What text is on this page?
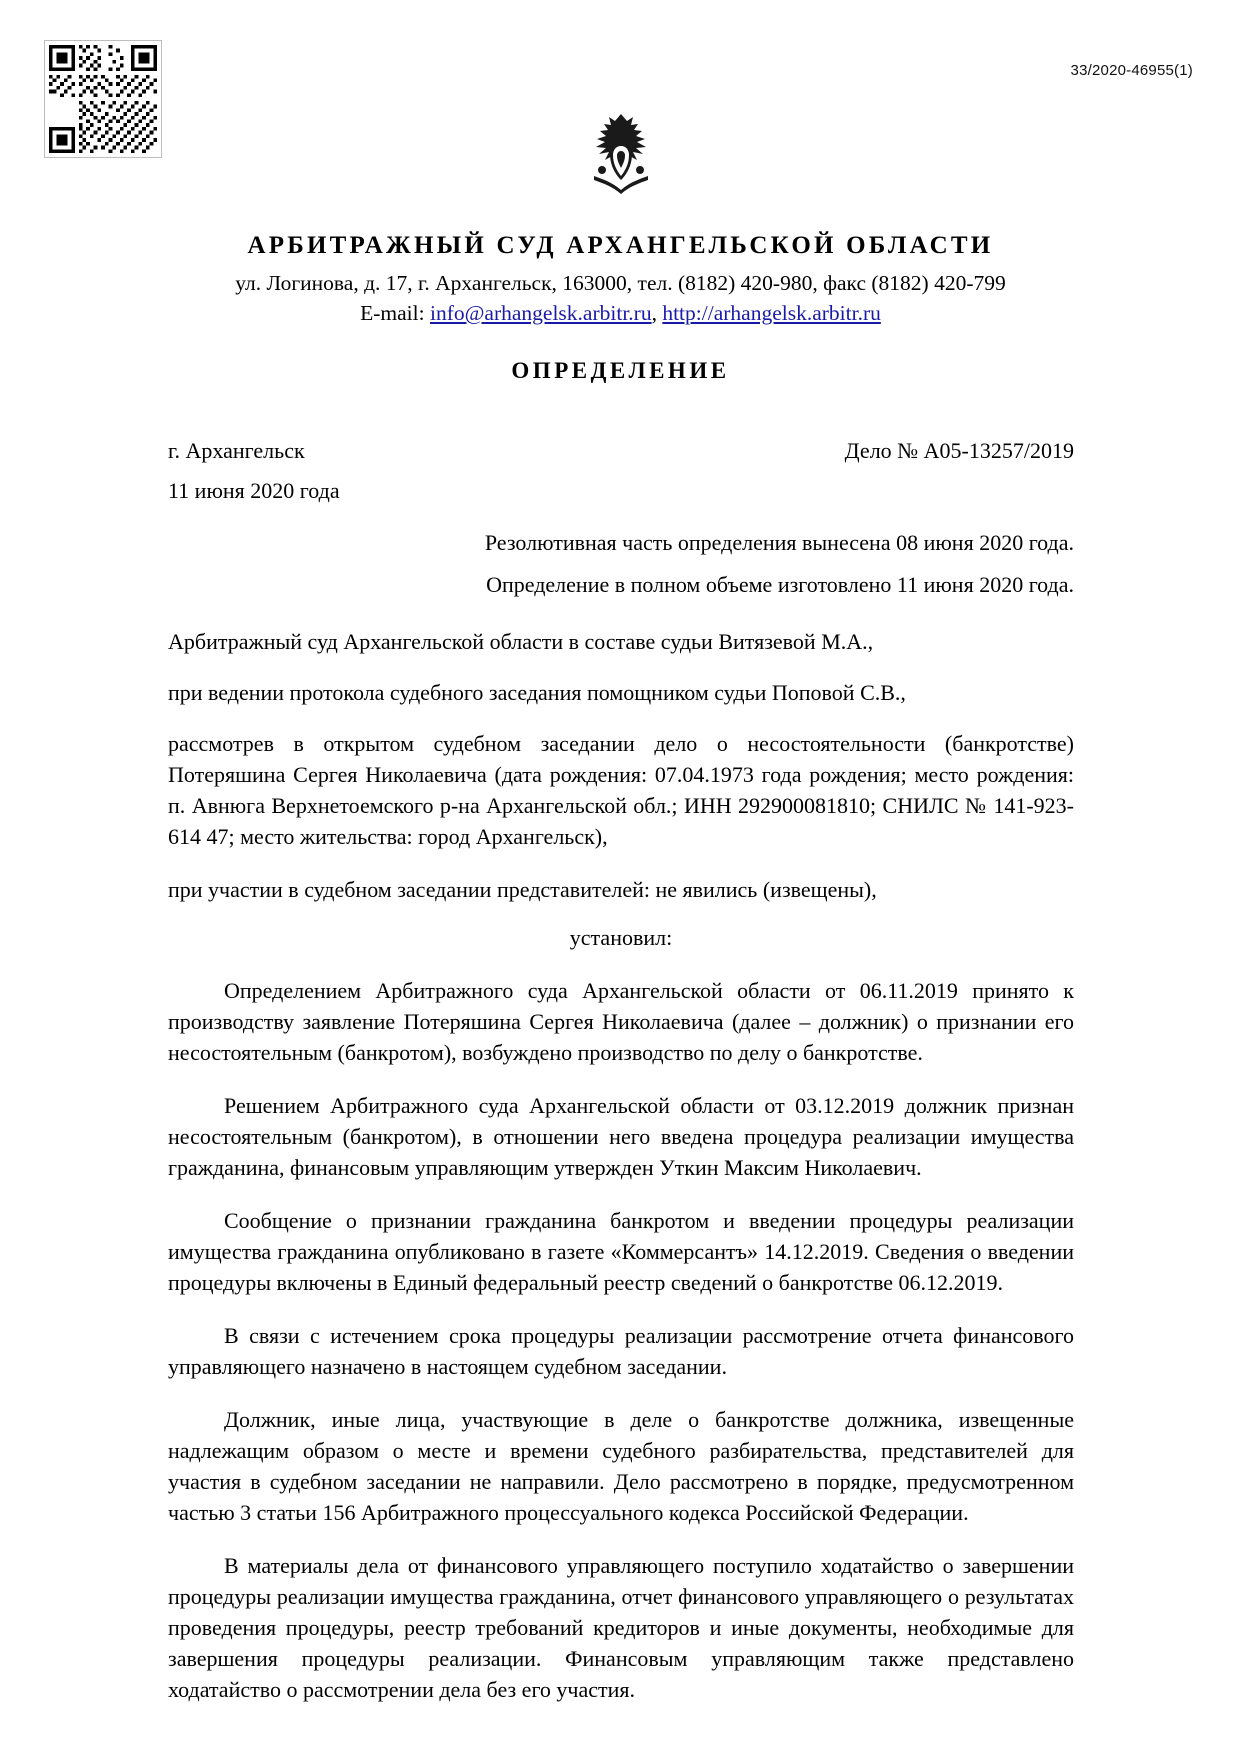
33/2020-46955(1)
АРБИТРАЖНЫЙ СУД АРХАНГЕЛЬСКОЙ ОБЛАСТИ
ул. Логинова, д. 17, г. Архангельск, 163000, тел. (8182) 420-980, факс (8182) 420-799
E-mail: info@arhangelsk.arbitr.ru, http://arhangelsk.arbitr.ru
ОПРЕДЕЛЕНИЕ
г. Архангельск	Дело № А05-13257/2019
11 июня 2020 года
Резолютивная часть определения вынесена 08 июня 2020 года.
Определение в полном объеме изготовлено 11 июня 2020 года.
Арбитражный суд Архангельской области в составе судьи Витязевой М.А.,
при ведении протокола судебного заседания помощником судьи Поповой С.В.,
рассмотрев в открытом судебном заседании дело о несостоятельности (банкротстве) Потеряшина Сергея Николаевича (дата рождения: 07.04.1973 года рождения; место рождения: п. Авнюга Верхнетоемского р-на Архангельской обл.; ИНН 292900081810; СНИЛС № 141-923-614 47; место жительства: город Архангельск),
при участии в судебном заседании представителей: не явились (извещены),
установил:
Определением Арбитражного суда Архангельской области от 06.11.2019 принято к производству заявление Потеряшина Сергея Николаевича (далее – должник) о признании его несостоятельным (банкротом), возбуждено производство по делу о банкротстве.
Решением Арбитражного суда Архангельской области от 03.12.2019 должник признан несостоятельным (банкротом), в отношении него введена процедура реализации имущества гражданина, финансовым управляющим утвержден Уткин Максим Николаевич.
Сообщение о признании гражданина банкротом и введении процедуры реализации имущества гражданина опубликовано в газете «Коммерсантъ» 14.12.2019. Сведения о введении процедуры включены в Единый федеральный реестр сведений о банкротстве 06.12.2019.
В связи с истечением срока процедуры реализации рассмотрение отчета финансового управляющего назначено в настоящем судебном заседании.
Должник, иные лица, участвующие в деле о банкротстве должника, извещенные надлежащим образом о месте и времени судебного разбирательства, представителей для участия в судебном заседании не направили. Дело рассмотрено в порядке, предусмотренном частью 3 статьи 156 Арбитражного процессуального кодекса Российской Федерации.
В материалы дела от финансового управляющего поступило ходатайство о завершении процедуры реализации имущества гражданина, отчет финансового управляющего о результатах проведения процедуры, реестр требований кредиторов и иные документы, необходимые для завершения процедуры реализации. Финансовым управляющим также представлено ходатайство о рассмотрении дела без его участия.
